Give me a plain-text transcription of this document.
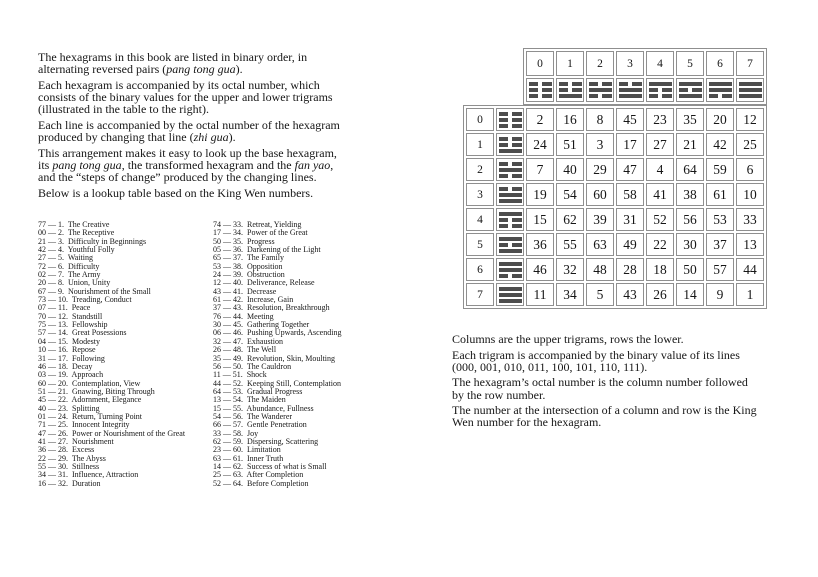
The hexagrams in this book are listed in binary order, in
alternating reversed pairs (pang tong gua).
Each hexagram is accompanied by its octal number, which
consists of the binary values for the upper and lower trigrams
(illustrated in the table to the right).
Each line is accompanied by the octal number of the hexagram
produced by changing that line (zhi gua).
This arrangement makes it easy to look up the base hexagram,
its pang tong gua, the transformed hexagram and the fan yao,
and the “steps of change” produced by the changing lines.
Below is a lookup table based on the King Wen numbers.
77 — 1.  The Creative
00 — 2.  The Receptive
21 — 3.  Difficulty in Beginnings
42 — 4.  Youthful Folly
27 — 5.  Waiting
72 — 6.  Difficulty
02 — 7.  The Army
20 — 8.  Union, Unity
67 — 9.  Nourishment of the Small
73 — 10.  Treading, Conduct
07 — 11.  Peace
70 — 12.  Standstill
75 — 13.  Fellowship
57 — 14.  Great Posessions
04 — 15.  Modesty
10 — 16.  Repose
31 — 17.  Following
46 — 18.  Decay
03 — 19.  Approach
60 — 20.  Contemplation, View
51 — 21.  Gnawing, Biting Through
45 — 22.  Adornment, Elegance
40 — 23.  Splitting
01 — 24.  Return, Turning Point
71 — 25.  Innocent Integrity
47 — 26.  Power or Nourishment of the Great
41 — 27.  Nourishment
36 — 28.  Excess
22 — 29.  The Abyss
55 — 30.  Stillness
34 — 31.  Influence, Attraction
16 — 32.  Duration
74 — 33.  Retreat, Yielding
17 — 34.  Power of the Great
50 — 35.  Progress
05 — 36.  Darkening of the Light
65 — 37.  The Family
53 — 38.  Opposition
24 — 39.  Obstruction
12 — 40.  Deliverance, Release
43 — 41.  Decrease
61 — 42.  Increase, Gain
37 — 43.  Resolution, Breakthrough
76 — 44.  Meeting
30 — 45.  Gathering Together
06 — 46.  Pushing Upwards, Ascending
32 — 47.  Exhaustion
26 — 48.  The Well
35 — 49.  Revolution, Skin, Moulting
56 — 50.  The Cauldron
11 — 51.  Shock
44 — 52.  Keeping Still, Contemplation
64 — 53.  Gradual Progress
13 — 54.  The Maiden
15 — 55.  Abundance, Fullness
54 — 56.  The Wanderer
66 — 57.  Gentle Penetration
33 — 58.  Joy
62 — 59.  Dispersing, Scattering
23 — 60.  Limitation
63 — 61.  Inner Truth
14 — 62.  Success of what is Small
25 — 63.  After Completion
52 — 64.  Before Completion
0	1	2	3	4	5	6	7

0		2	16	8	45	23	35	20	12
1		24	51	3	17	27	21	42	25
2		7	40	29	47	4	64	59	6
3		19	54	60	58	41	38	61	10
4		15	62	39	31	52	56	53	33
5		36	55	63	49	22	30	37	13
6		46	32	48	28	18	50	57	44
7		11	34	5	43	26	14	9	1
Columns are the upper trigrams, rows the lower.
Each trigram is accompanied by the binary value of its lines
(000, 001, 010, 011, 100, 101, 110, 111).
The hexagram’s octal number is the column number followed
by the row number.
The number at the intersection of a column and row is the King
Wen number for the hexagram.
